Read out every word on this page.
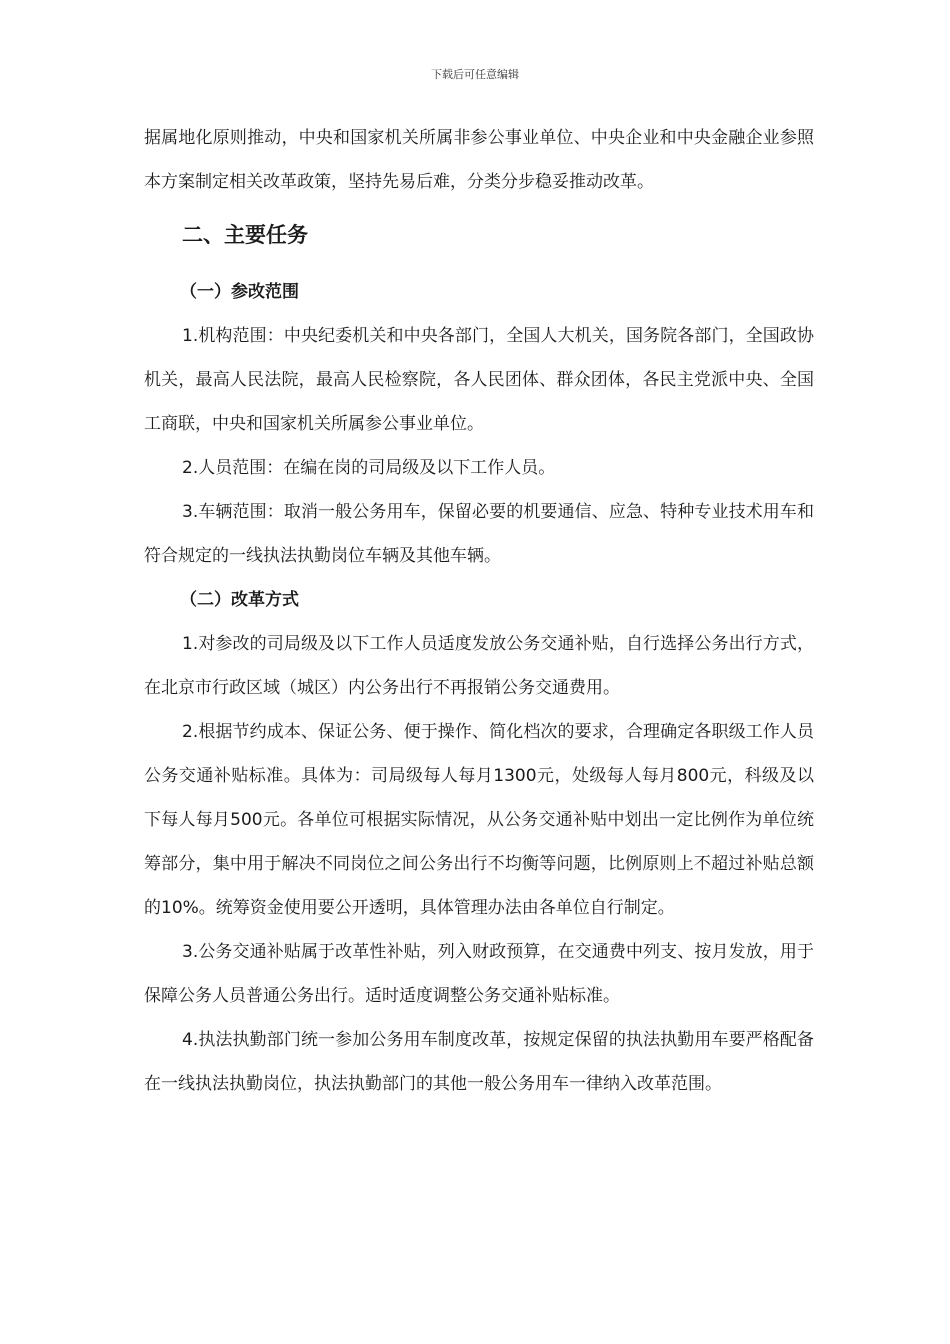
下载后可任意编辑

据属地化原则推动，中央和国家机关所属非参公事业单位、中央企业和中央金融企业参照本方案制定相关改革政策，坚持先易后难，分类分步稳妥推动改革。

二、主要任务
（一）参改范围

1.机构范围：中央纪委机关和中央各部门，全国人大机关，国务院各部门，全国政协机关，最高人民法院，最高人民检察院，各人民团体、群众团体，各民主党派中央、全国工商联，中央和国家机关所属参公事业单位。

2.人员范围：在编在岗的司局级及以下工作人员。

3.车辆范围：取消一般公务用车，保留必要的机要通信、应急、特种专业技术用车和符合规定的一线执法执勤岗位车辆及其他车辆。

（二）改革方式

1.对参改的司局级及以下工作人员适度发放公务交通补贴，自行选择公务出行方式，在北京市行政区域（城区）内公务出行不再报销公务交通费用。

2.根据节约成本、保证公务、便于操作、简化档次的要求，合理确定各职级工作人员公务交通补贴标准。具体为：司局级每人每月1300元，处级每人每月800元，科级及以下每人每月500元。各单位可根据实际情况，从公务交通补贴中划出一定比例作为单位统筹部分，集中用于解决不同岗位之间公务出行不均衡等问题，比例原则上不超过补贴总额的10%。统筹资金使用要公开透明，具体管理办法由各单位自行制定。

3.公务交通补贴属于改革性补贴，列入财政预算，在交通费中列支、按月发放，用于保障公务人员普通公务出行。适时适度调整公务交通补贴标准。

4.执法执勤部门统一参加公务用车制度改革，按规定保留的执法执勤用车要严格配备在一线执法执勤岗位，执法执勤部门的其他一般公务用车一律纳入改革范围。
